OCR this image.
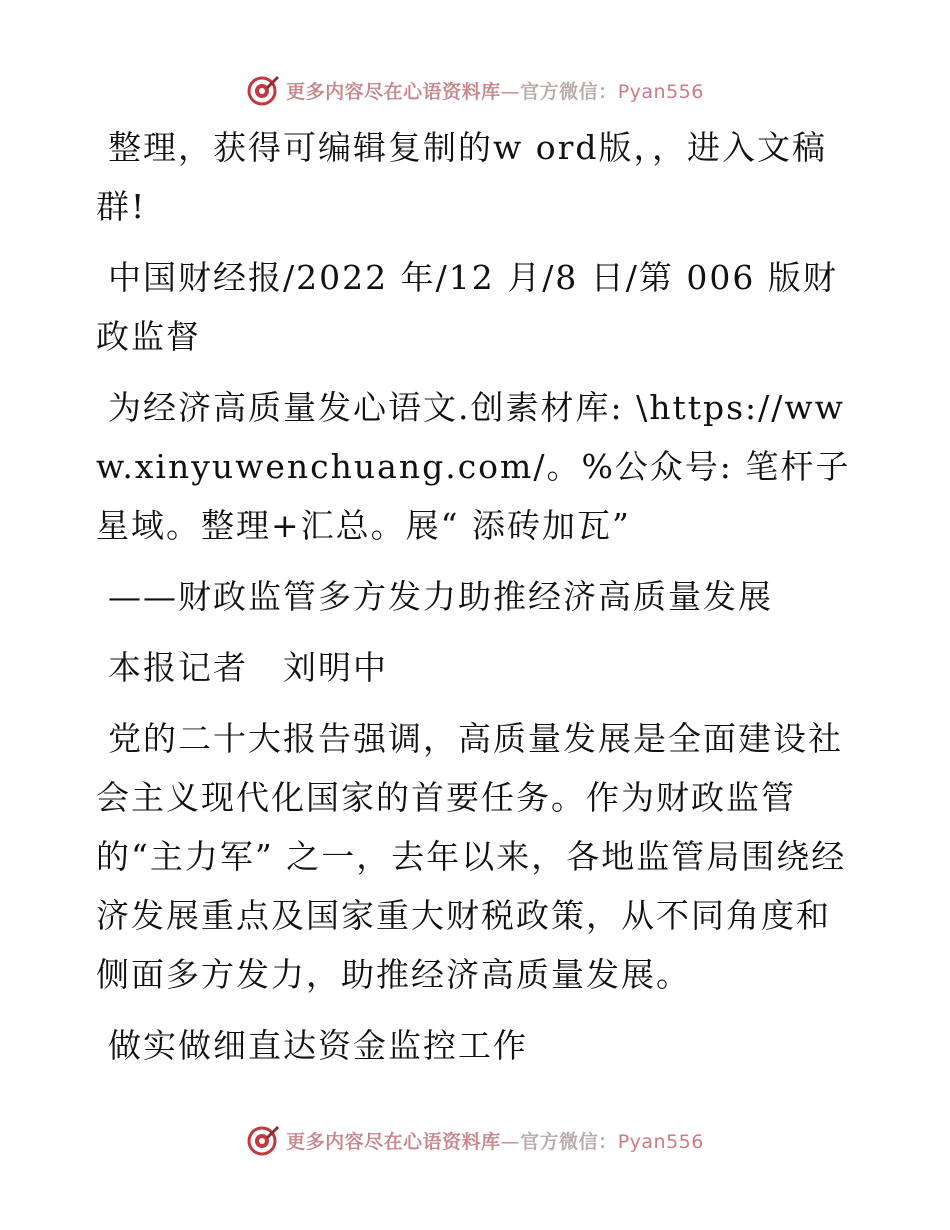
更多内容尽在心语资料库—官方微信：Pyan556

整理，获得可编辑复制的w ord版，，进入文稿群!

中国财经报/2022 年/12 月/8 日/第 006 版财政监督

为经济高质量发心语文.创素材库: \https://www.xinyuwenchuang.com/。%公众号: 笔杆子星域。整理+汇总。展“ 添砖加瓦”

——财政监管多方发力助推经济高质量发展

本报记者　刘明中

党的二十大报告强调，高质量发展是全面建设社会主义现代化国家的首要任务。作为财政监管的“主力军” 之一，去年以来，各地监管局围绕经济发展重点及国家重大财税政策，从不同角度和侧面多方发力，助推经济高质量发展。

做实做细直达资金监控工作

更多内容尽在心语资料库—官方微信：Pyan556
